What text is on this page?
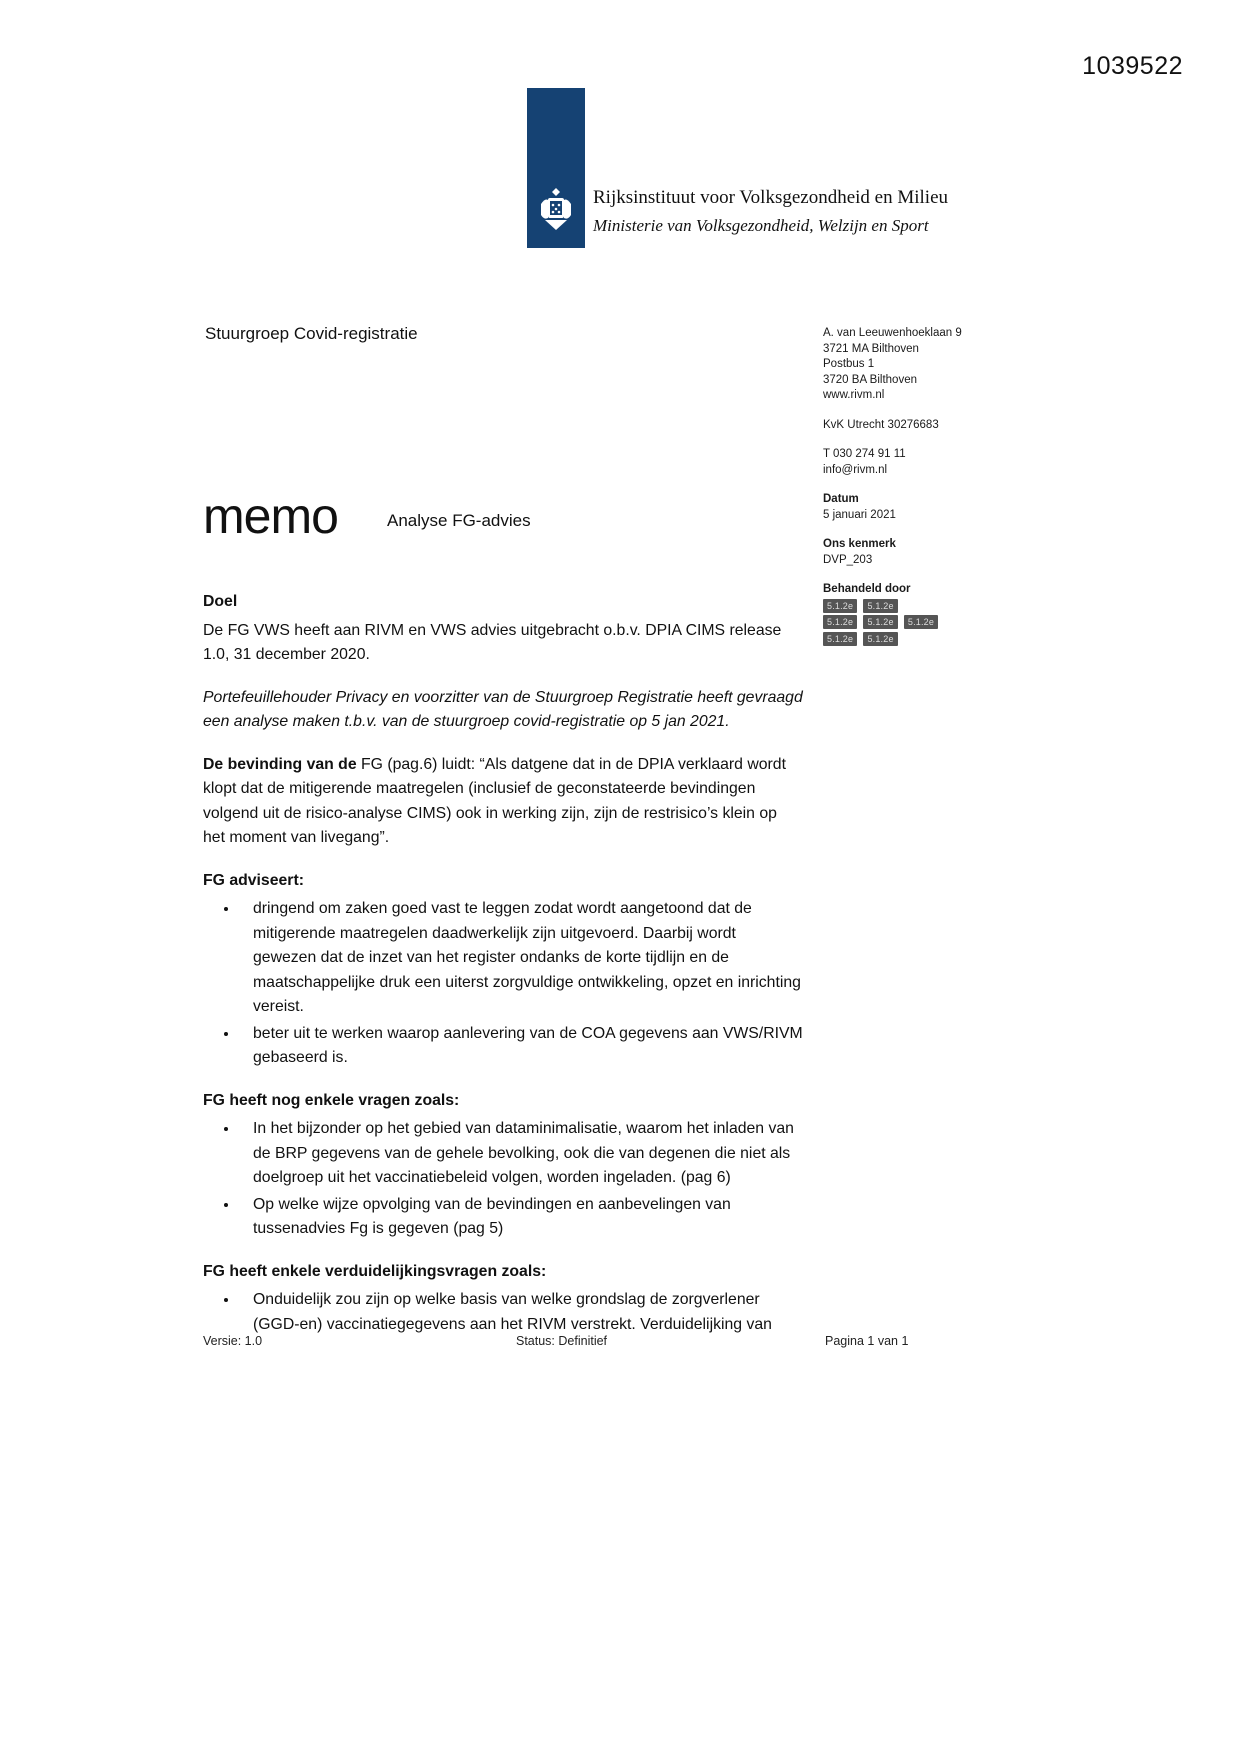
1039522
Rijksinstituut voor Volksgezondheid en Milieu
Ministerie van Volksgezondheid, Welzijn en Sport
Stuurgroep Covid-registratie	A. van Leeuwenhoeklaan 9
3721 MA Bilthoven
Postbus 1
3720 BA Bilthoven
www.rivm.nl
KvK Utrecht 30276683
T 030 274 91 11
info@rivm.nl
Datum
5 januari 2021
Ons kenmerk
DVP_203
Behandeld door
5.1.2e 5.1.2e
5.1.2e 5.1.2e 5.1.2e
5.1.2e 5.1.2e
memo	Analyse FG-advies

Doel

De FG VWS heeft aan RIVM en VWS advies uitgebracht o.b.v. DPIA CIMS release 1.0, 31 december 2020.

Portefeuillehouder Privacy en voorzitter van de Stuurgroep Registratie heeft gevraagd een analyse maken t.b.v. van de stuurgroep covid-registratie op 5 jan 2021.

De bevinding van de FG (pag.6) luidt: “Als datgene dat in de DPIA verklaard wordt klopt dat de mitigerende maatregelen (inclusief de geconstateerde bevindingen volgend uit de risico-analyse CIMS) ook in werking zijn, zijn de restrisico’s klein op het moment van livegang”.

FG adviseert:

• dringend om zaken goed vast te leggen zodat wordt aangetoond dat de mitigerende maatregelen daadwerkelijk zijn uitgevoerd. Daarbij wordt gewezen dat de inzet van het register ondanks de korte tijdlijn en de maatschappelijke druk een uiterst zorgvuldige ontwikkeling, opzet en inrichting vereist.
• beter uit te werken waarop aanlevering van de COA gegevens aan VWS/RIVM gebaseerd is.

FG heeft nog enkele vragen zoals:

• In het bijzonder op het gebied van dataminimalisatie, waarom het inladen van de BRP gegevens van de gehele bevolking, ook die van degenen die niet als doelgroep uit het vaccinatiebeleid volgen, worden ingeladen. (pag 6)
• Op welke wijze opvolging van de bevindingen en aanbevelingen van tussenadvies Fg is gegeven (pag 5)

FG heeft enkele verduidelijkingsvragen zoals:

• Onduidelijk zou zijn op welke basis van welke grondslag de zorgverlener (GGD-en) vaccinatiegegevens aan het RIVM verstrekt. Verduidelijking van
Versie: 1.0	Status: Definitief	Pagina 1 van 1
